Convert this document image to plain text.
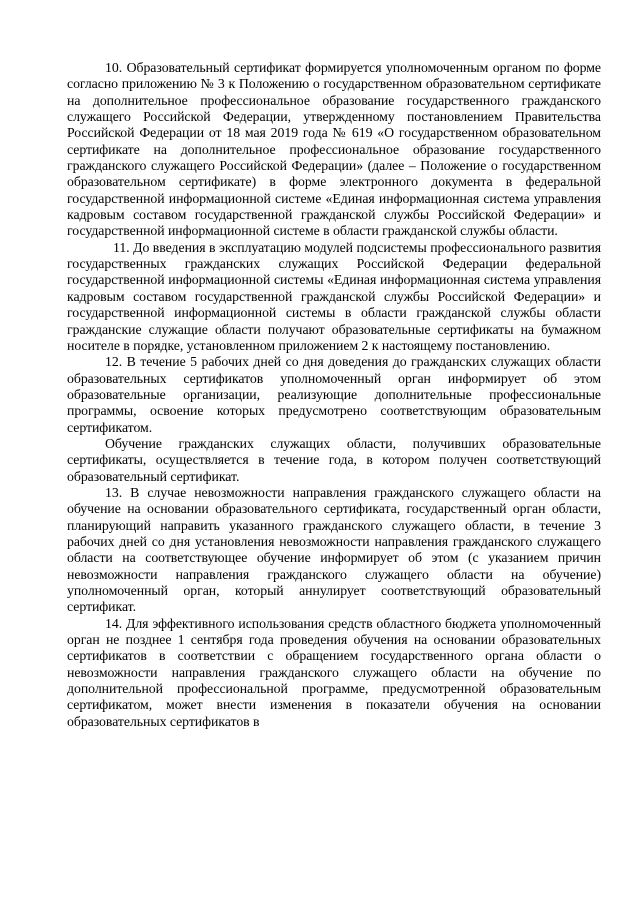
10. Образовательный сертификат формируется уполномоченным органом по форме согласно приложению № 3 к Положению о государственном образовательном сертификате на дополнительное профессиональное образование государственного гражданского служащего Российской Федерации, утвержденному постановлением Правительства Российской Федерации от 18 мая 2019 года № 619 «О государственном образовательном сертификате на дополнительное профессиональное образование государственного гражданского служащего Российской Федерации» (далее – Положение о государственном образовательном сертификате) в форме электронного документа в федеральной государственной информационной системе «Единая информационная система управления кадровым составом государственной гражданской службы Российской Федерации» и государственной информационной системе в области гражданской службы области.

11. До введения в эксплуатацию модулей подсистемы профессионального развития государственных гражданских служащих Российской Федерации федеральной государственной информационной системы «Единая информационная система управления кадровым составом государственной гражданской службы Российской Федерации» и государственной информационной системы в области гражданской службы области гражданские служащие области получают образовательные сертификаты на бумажном носителе в порядке, установленном приложением 2 к настоящему постановлению.

12. В течение 5 рабочих дней со дня доведения до гражданских служащих области образовательных сертификатов уполномоченный орган информирует об этом образовательные организации, реализующие дополнительные профессиональные программы, освоение которых предусмотрено соответствующим образовательным сертификатом.

Обучение гражданских служащих области, получивших образовательные сертификаты, осуществляется в течение года, в котором получен соответствующий образовательный сертификат.

13. В случае невозможности направления гражданского служащего области на обучение на основании образовательного сертификата, государственный орган области, планирующий направить указанного гражданского служащего области, в течение 3 рабочих дней со дня установления невозможности направления гражданского служащего области на соответствующее обучение информирует об этом (с указанием причин невозможности направления гражданского служащего области на обучение) уполномоченный орган, который аннулирует соответствующий образовательный сертификат.

14. Для эффективного использования средств областного бюджета уполномоченный орган не позднее 1 сентября года проведения обучения на основании образовательных сертификатов в соответствии с обращением государственного органа области о невозможности направления гражданского служащего области на обучение по дополнительной профессиональной программе, предусмотренной образовательным сертификатом, может внести изменения в показатели обучения на основании образовательных сертификатов в
